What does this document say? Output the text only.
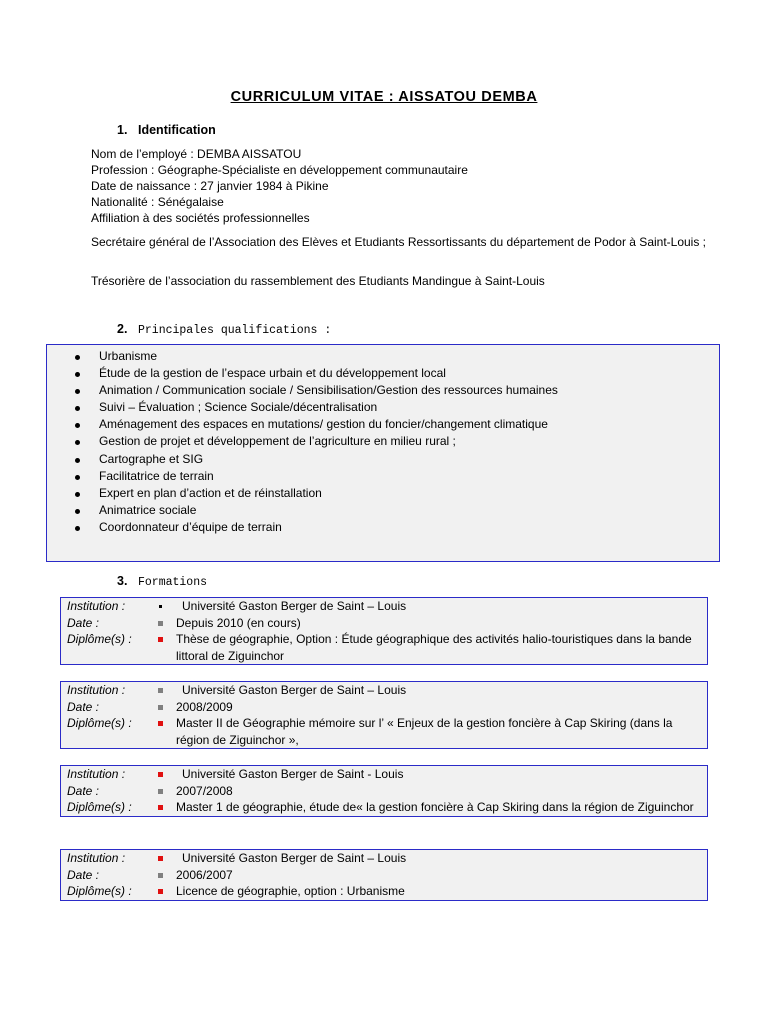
CURRICULUM VITAE : AISSATOU DEMBA
1. Identification
Nom de l’employé : DEMBA AISSATOU
Profession : Géographe-Spécialiste en développement communautaire
Date de naissance : 27 janvier 1984 à Pikine
Nationalité : Sénégalaise
Affiliation à des sociétés professionnelles
Secrétaire général de l’Association des Elèves et Etudiants Ressortissants du département de Podor à Saint-Louis ;
Trésorière de l’association du rassemblement des Etudiants Mandingue à Saint-Louis
2. Principales qualifications :
Urbanisme
Étude de la gestion de l’espace urbain et du développement local
Animation / Communication sociale / Sensibilisation/Gestion des ressources humaines
Suivi – Évaluation ; Science Sociale/décentralisation
Aménagement des espaces en mutations/ gestion du foncier/changement climatique
Gestion de projet et développement de l’agriculture en milieu rural ;
Cartographe et SIG
Facilitatrice de terrain
Expert en plan d’action et de réinstallation
Animatrice sociale
Coordonnateur d’équipe de terrain
3. Formations
Institution :	Université Gaston Berger de Saint – Louis
Date :	Depuis 2010 (en cours)
Diplôme(s) :	Thèse de géographie, Option : Étude géographique des activités halio-touristiques dans la bande littoral de Ziguinchor
Institution :	Université Gaston Berger de Saint – Louis
Date :	2008/2009
Diplôme(s) :	Master II de Géographie mémoire sur l’ « Enjeux de la gestion foncière à Cap Skiring (dans la région de Ziguinchor »,
Institution :	Université Gaston Berger de Saint - Louis
Date :	2007/2008
Diplôme(s) :	Master 1 de géographie, étude de« la gestion foncière à Cap Skiring dans la région de Ziguinchor
Institution :	Université Gaston Berger de Saint – Louis
Date :	2006/2007
Diplôme(s) :	Licence de géographie, option : Urbanisme
